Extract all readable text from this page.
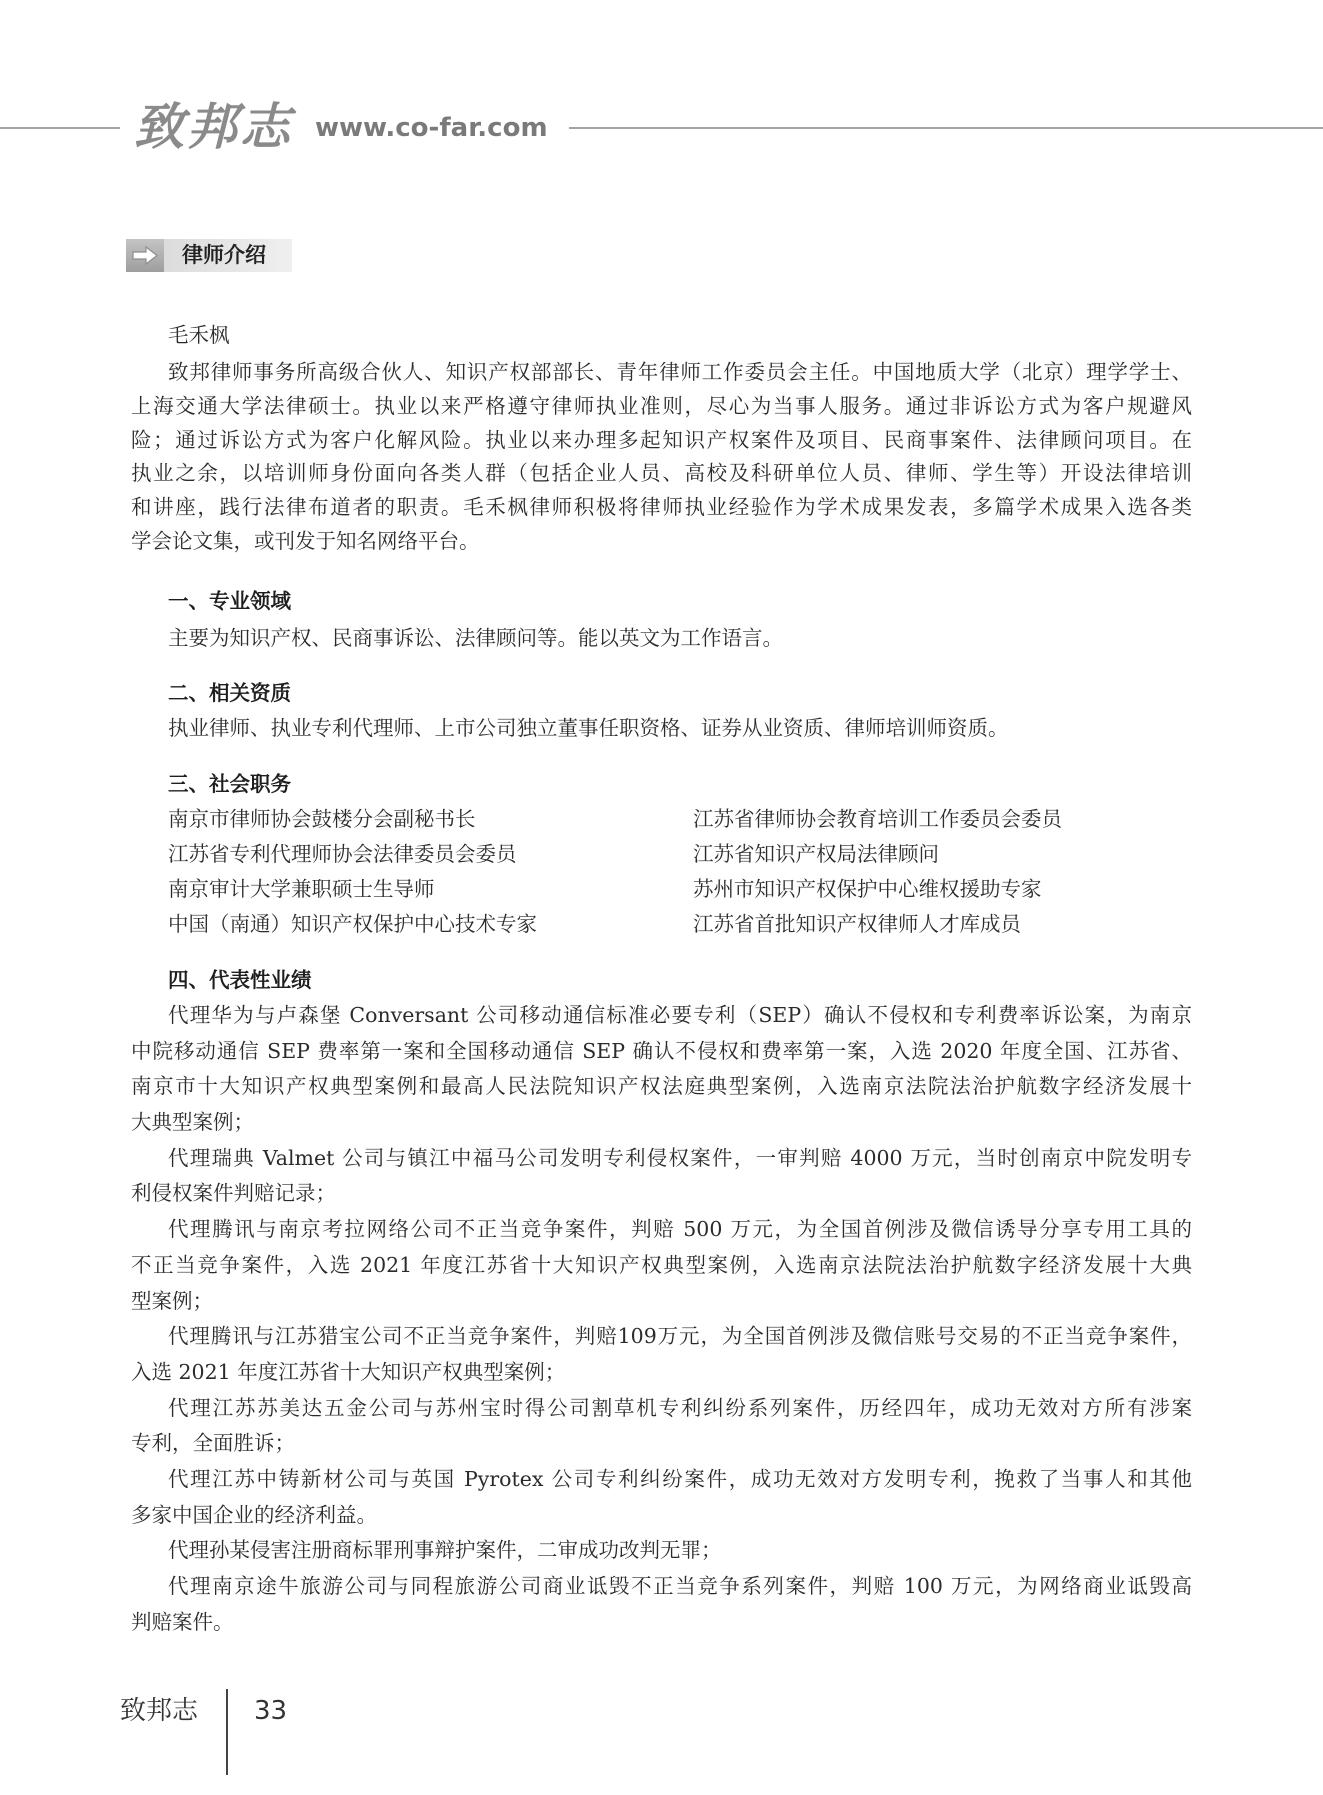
致邦志 www.co-far.com
律师介绍
毛禾枫
致邦律师事务所高级合伙人、知识产权部部长、青年律师工作委员会主任。中国地质大学（北京）理学学士、
上海交通大学法律硕士。执业以来严格遵守律师执业准则，尽心为当事人服务。通过非诉讼方式为客户规避风
险；通过诉讼方式为客户化解风险。执业以来办理多起知识产权案件及项目、民商事案件、法律顾问项目。在
执业之余，以培训师身份面向各类人群（包括企业人员、高校及科研单位人员、律师、学生等）开设法律培训
和讲座，践行法律布道者的职责。毛禾枫律师积极将律师执业经验作为学术成果发表，多篇学术成果入选各类
学会论文集，或刊发于知名网络平台。
一、专业领域
主要为知识产权、民商事诉讼、法律顾问等。能以英文为工作语言。
二、相关资质
执业律师、执业专利代理师、上市公司独立董事任职资格、证券从业资质、律师培训师资质。
三、社会职务
南京市律师协会鼓楼分会副秘书长	江苏省律师协会教育培训工作委员会委员
江苏省专利代理师协会法律委员会委员	江苏省知识产权局法律顾问
南京审计大学兼职硕士生导师	苏州市知识产权保护中心维权援助专家
中国（南通）知识产权保护中心技术专家	江苏省首批知识产权律师人才库成员
四、代表性业绩
代理华为与卢森堡 Conversant 公司移动通信标准必要专利（SEP）确认不侵权和专利费率诉讼案，为南京
中院移动通信 SEP 费率第一案和全国移动通信 SEP 确认不侵权和费率第一案，入选 2020 年度全国、江苏省、
南京市十大知识产权典型案例和最高人民法院知识产权法庭典型案例，入选南京法院法治护航数字经济发展十
大典型案例；
代理瑞典 Valmet 公司与镇江中福马公司发明专利侵权案件，一审判赔 4000 万元，当时创南京中院发明专
利侵权案件判赔记录；
代理腾讯与南京考拉网络公司不正当竞争案件，判赔 500 万元，为全国首例涉及微信诱导分享专用工具的
不正当竞争案件，入选 2021 年度江苏省十大知识产权典型案例，入选南京法院法治护航数字经济发展十大典
型案例；
代理腾讯与江苏猎宝公司不正当竞争案件，判赔109万元，为全国首例涉及微信账号交易的不正当竞争案件，
入选 2021 年度江苏省十大知识产权典型案例；
代理江苏苏美达五金公司与苏州宝时得公司割草机专利纠纷系列案件，历经四年，成功无效对方所有涉案
专利，全面胜诉；
代理江苏中铸新材公司与英国 Pyrotex 公司专利纠纷案件，成功无效对方发明专利，挽救了当事人和其他
多家中国企业的经济利益。
代理孙某侵害注册商标罪刑事辩护案件，二审成功改判无罪；
代理南京途牛旅游公司与同程旅游公司商业诋毁不正当竞争系列案件，判赔 100 万元，为网络商业诋毁高
判赔案件。
致邦志 33
